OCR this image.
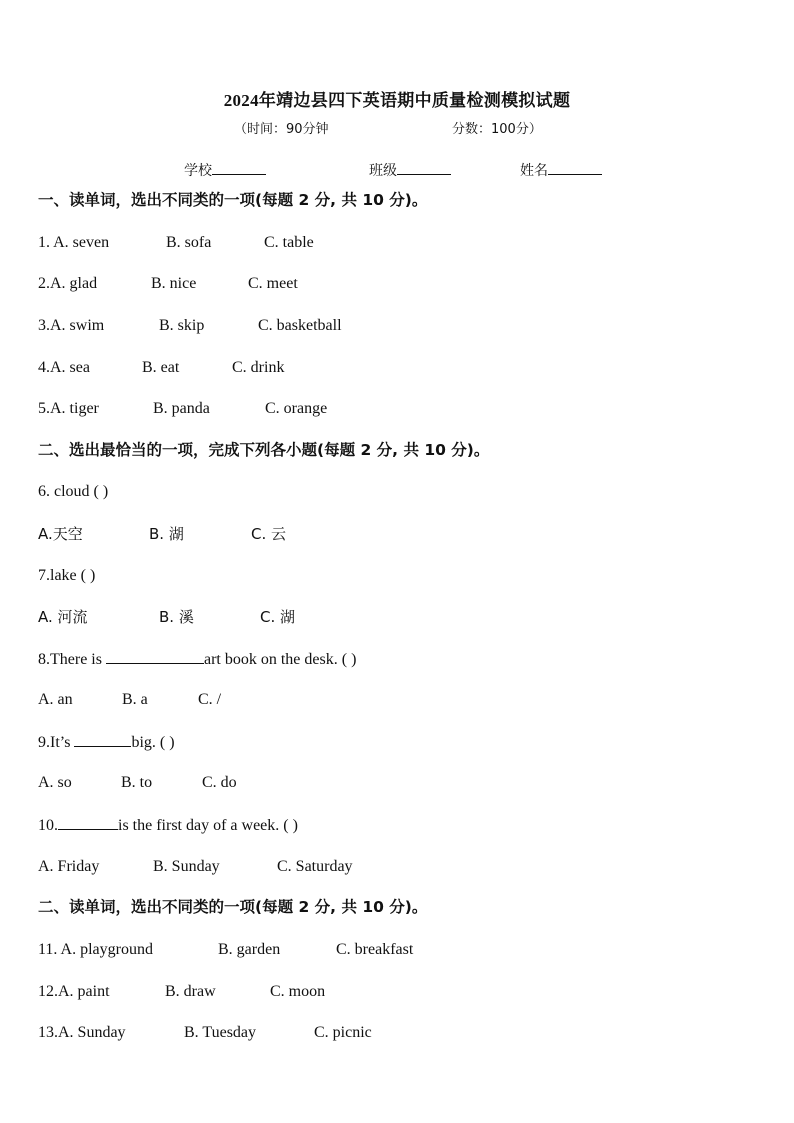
2024年靖边县四下英语期中质量检测模拟试题
（时间：90分钟	分数：100分）
学校	班级	姓名
一、读单词，选出不同类的一项(每题 2 分, 共 10 分)。
1. A. seven	B. sofa	C. table
2.A. glad	B. nice	C. meet
3.A. swim	B. skip	C. basketball
4.A. sea	B. eat	C. drink
5.A. tiger	B. panda	C. orange
二、选出最恰当的一项，完成下列各小题(每题 2 分, 共 10 分)。
6. cloud ( )
A.天空	B. 湖	C. 云
7.lake ( )
A. 河流	B. 溪	C. 湖
8.There is	art book on the desk. ( )
A. an	B. a	C. /
9.It’s	big. ( )
A. so	B. to	C. do
10.	is the first day of a week. ( )
A. Friday	B. Sunday	C. Saturday
二、读单词，选出不同类的一项(每题 2 分, 共 10 分)。
11. A. playground	B. garden	C. breakfast
12.A. paint	B. draw	C. moon
13.A. Sunday	B. Tuesday	C. picnic
